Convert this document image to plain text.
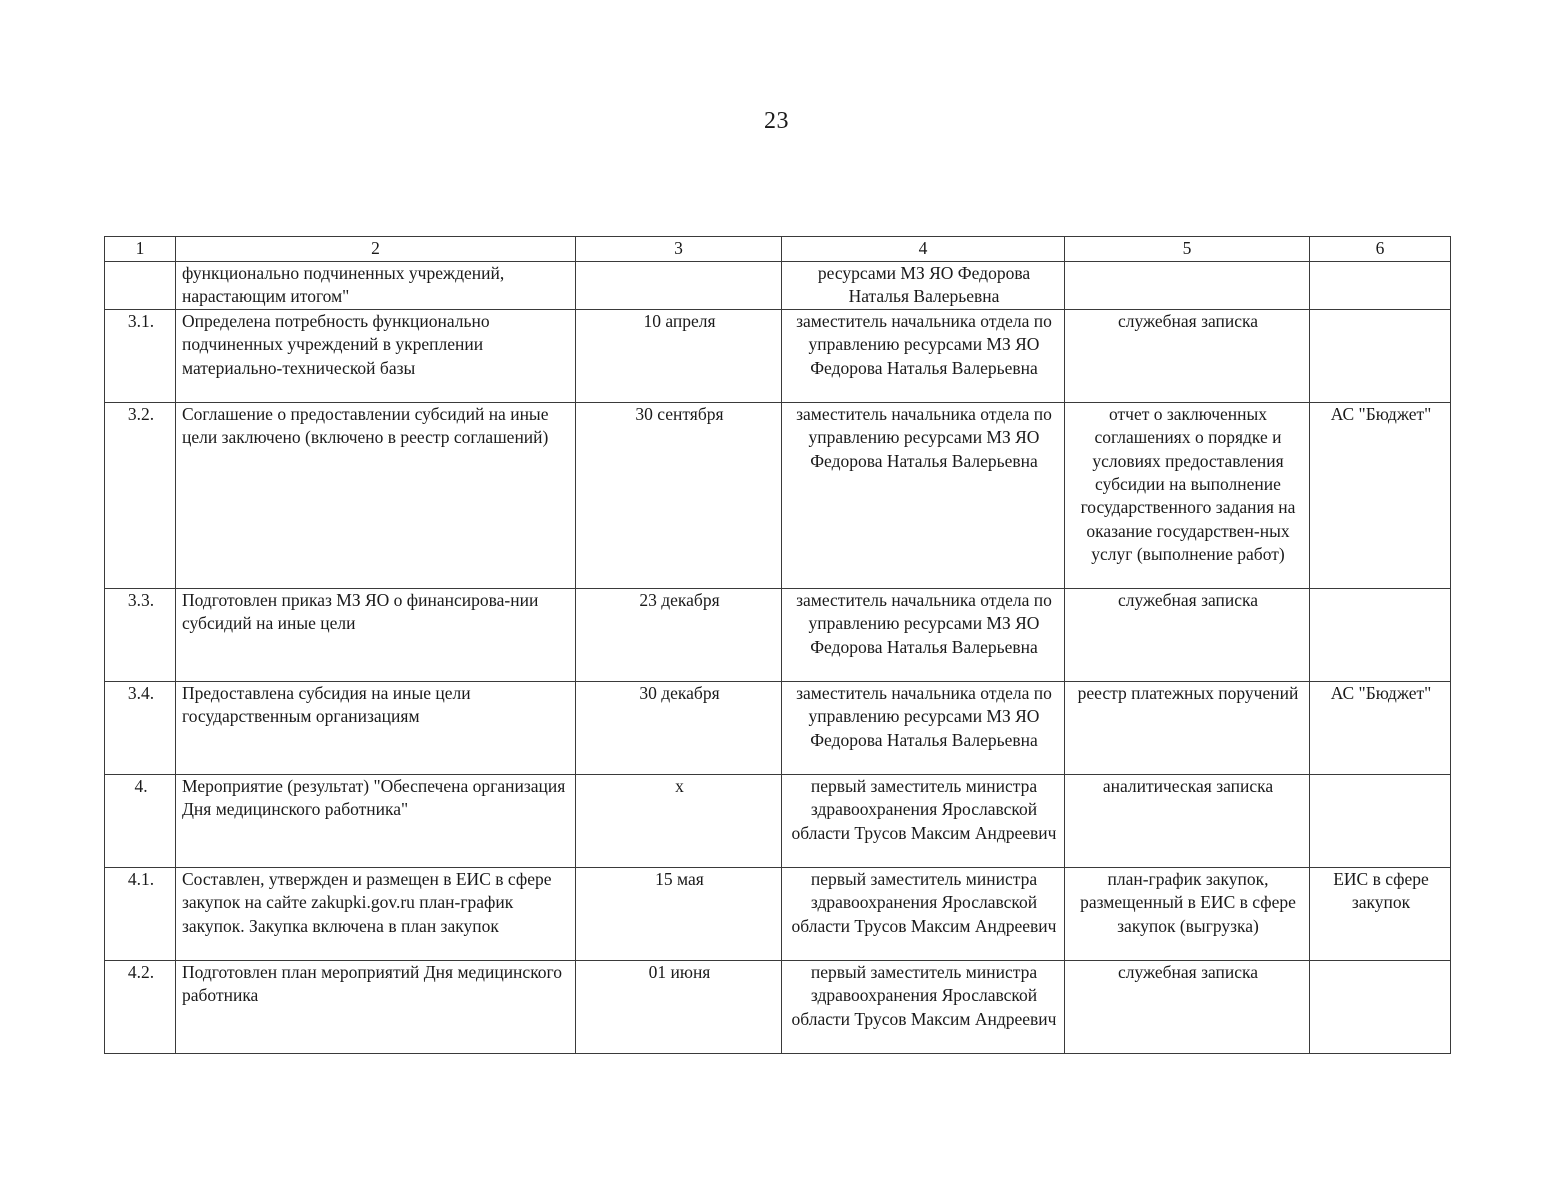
23
1	2	3	4	5	6
	функционально подчиненных учреждений, нарастающим итогом"		ресурсами МЗ ЯО Федорова Наталья Валерьевна		
3.1.	Определена потребность функционально подчиненных учреждений в укреплении материально-технической базы	10 апреля	заместитель начальника отдела по управлению ресурсами МЗ ЯО Федорова Наталья Валерьевна	служебная записка	
3.2.	Соглашение о предоставлении субсидий на иные цели заключено (включено в реестр соглашений)	30 сентября	заместитель начальника отдела по управлению ресурсами МЗ ЯО Федорова Наталья Валерьевна	отчет о заключенных соглашениях о порядке и условиях предоставления субсидии на выполнение государственного задания на оказание государствен-ных услуг (выполнение работ)	АС "Бюджет"
3.3.	Подготовлен приказ МЗ ЯО о финансирова-нии субсидий на иные цели	23 декабря	заместитель начальника отдела по управлению ресурсами МЗ ЯО Федорова Наталья Валерьевна	служебная записка	
3.4.	Предоставлена субсидия на иные цели государственным организациям	30 декабря	заместитель начальника отдела по управлению ресурсами МЗ ЯО Федорова Наталья Валерьевна	реестр платежных поручений	АС "Бюджет"
4.	Мероприятие (результат) "Обеспечена организация Дня медицинского работника"	х	первый заместитель министра здравоохранения Ярославской области Трусов Максим Андреевич	аналитическая записка	
4.1.	Составлен, утвержден и размещен в ЕИС в сфере закупок на сайте zakupki.gov.ru план-график закупок. Закупка включена в план закупок	15 мая	первый заместитель министра здравоохранения Ярославской области Трусов Максим Андреевич	план-график закупок, размещенный в ЕИС в сфере закупок (выгрузка)	ЕИС в сфере закупок
4.2.	Подготовлен план мероприятий Дня медицинского работника	01 июня	первый заместитель министра здравоохранения Ярославской области Трусов Максим Андреевич	служебная записка	
